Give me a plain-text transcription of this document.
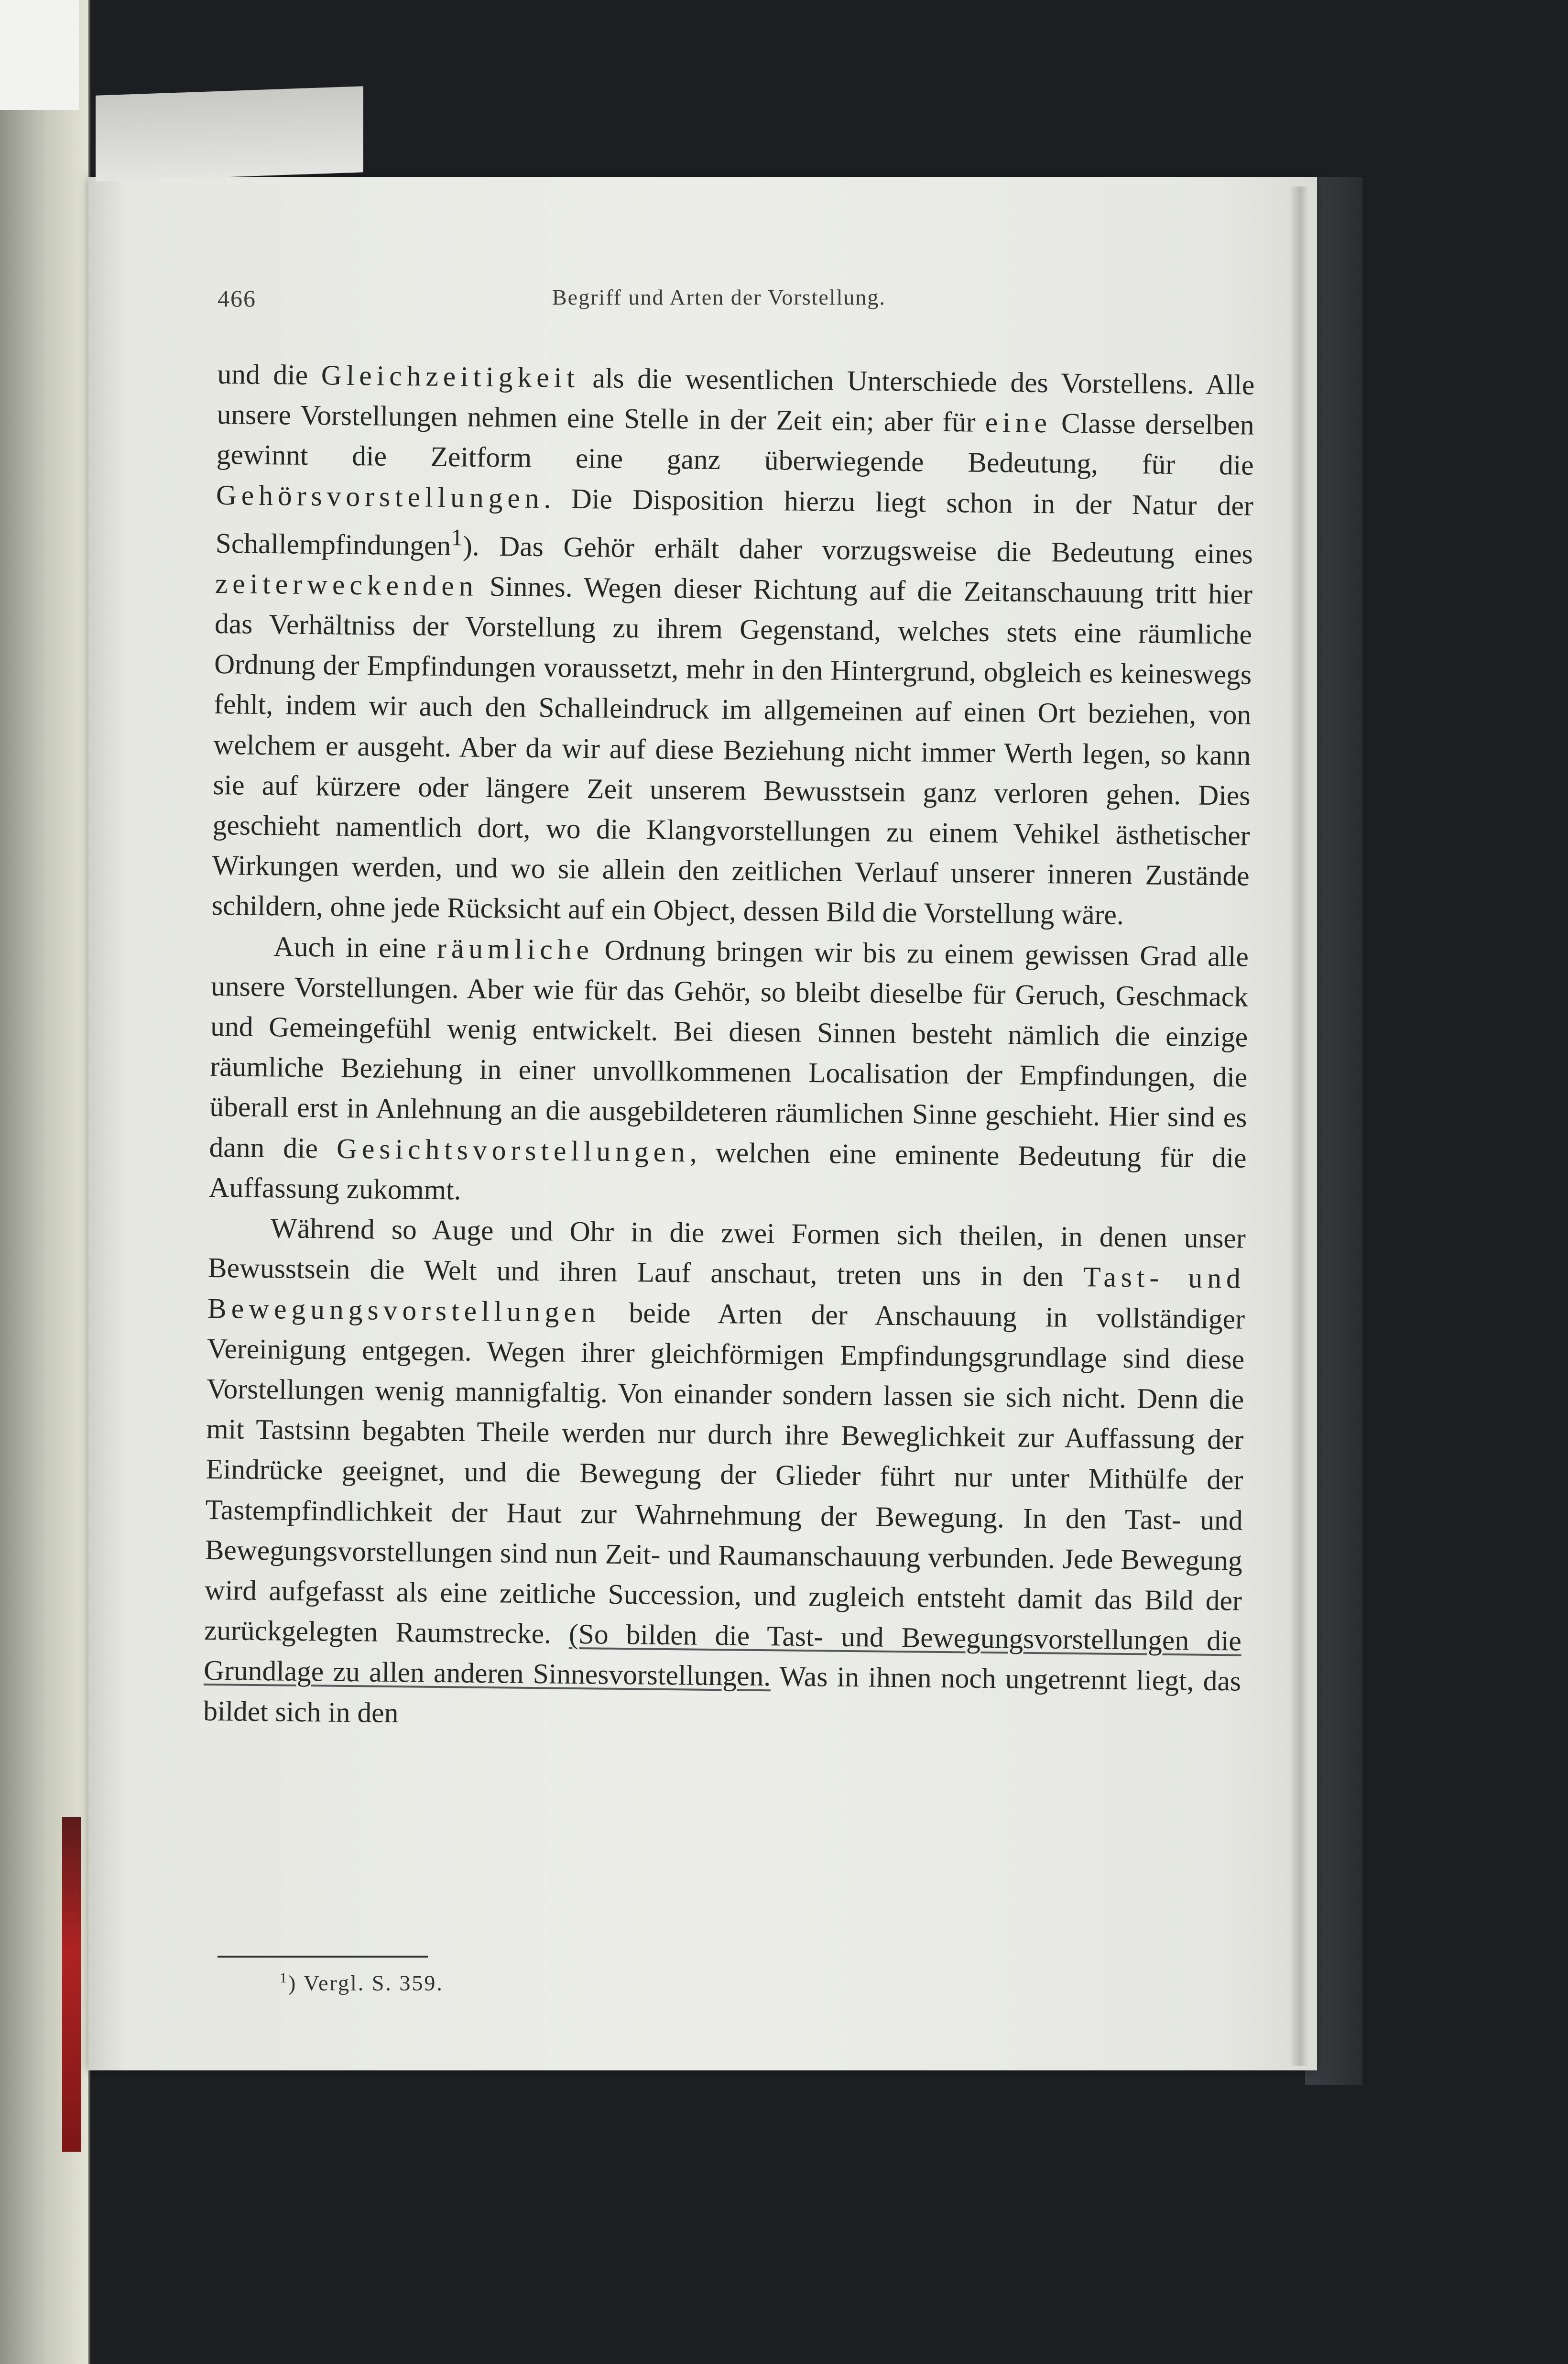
466	Begriff und Arten der Vorstellung.

und die Gleichzeitigkeit als die wesentlichen Unterschiede des Vorstellens. Alle unsere Vorstellungen nehmen eine Stelle in der Zeit ein; aber für eine Classe derselben gewinnt die Zeitform eine ganz überwiegende Bedeutung, für die Gehörsvorstellungen. Die Disposition hierzu liegt schon in der Natur der Schallempfindungen$^1$). Das Gehör erhält daher vorzugsweise die Bedeutung eines zeiterweckenden Sinnes. Wegen dieser Richtung auf die Zeitanschauung tritt hier das Verhältniss der Vorstellung zu ihrem Gegenstand, welches stets eine räumliche Ordnung der Empfindungen voraussetzt, mehr in den Hintergrund, obgleich es keineswegs fehlt, indem wir auch den Schalleindruck im allgemeinen auf einen Ort beziehen, von welchem er ausgeht. Aber da wir auf diese Beziehung nicht immer Werth legen, so kann sie auf kürzere oder längere Zeit unserem Bewusstsein ganz verloren gehen. Dies geschieht namentlich dort, wo die Klangvorstellungen zu einem Vehikel ästhetischer Wirkungen werden, und wo sie allein den zeitlichen Verlauf unserer inneren Zustände schildern, ohne jede Rücksicht auf ein Object, dessen Bild die Vorstellung wäre.

Auch in eine räumliche Ordnung bringen wir bis zu einem gewissen Grad alle unsere Vorstellungen. Aber wie für das Gehör, so bleibt dieselbe für Geruch, Geschmack und Gemeingefühl wenig entwickelt. Bei diesen Sinnen besteht nämlich die einzige räumliche Beziehung in einer unvollkommenen Localisation der Empfindungen, die überall erst in Anlehnung an die ausgebildeteren räumlichen Sinne geschieht. Hier sind es dann die Gesichtsvorstellungen, welchen eine eminente Bedeutung für die Auffassung zukommt.

Während so Auge und Ohr in die zwei Formen sich theilen, in denen unser Bewusstsein die Welt und ihren Lauf anschaut, treten uns in den Tast- und Bewegungsvorstellungen beide Arten der Anschauung in vollständiger Vereinigung entgegen. Wegen ihrer gleichförmigen Empfindungsgrundlage sind diese Vorstellungen wenig mannigfaltig. Von einander sondern lassen sie sich nicht. Denn die mit Tastsinn begabten Theile werden nur durch ihre Beweglichkeit zur Auffassung der Eindrücke geeignet, und die Bewegung der Glieder führt nur unter Mithülfe der Tastempfindlichkeit der Haut zur Wahrnehmung der Bewegung. In den Tast- und Bewegungsvorstellungen sind nun Zeit- und Raumanschauung verbunden. Jede Bewegung wird aufgefasst als eine zeitliche Succession, und zugleich entsteht damit das Bild der zurückgelegten Raumstrecke. (So bilden die Tast- und Bewegungsvorstellungen die Grundlage zu allen anderen Sinnesvorstellungen. Was in ihnen noch ungetrennt liegt, das bildet sich in den

$^1$) Vergl. S. 359.
